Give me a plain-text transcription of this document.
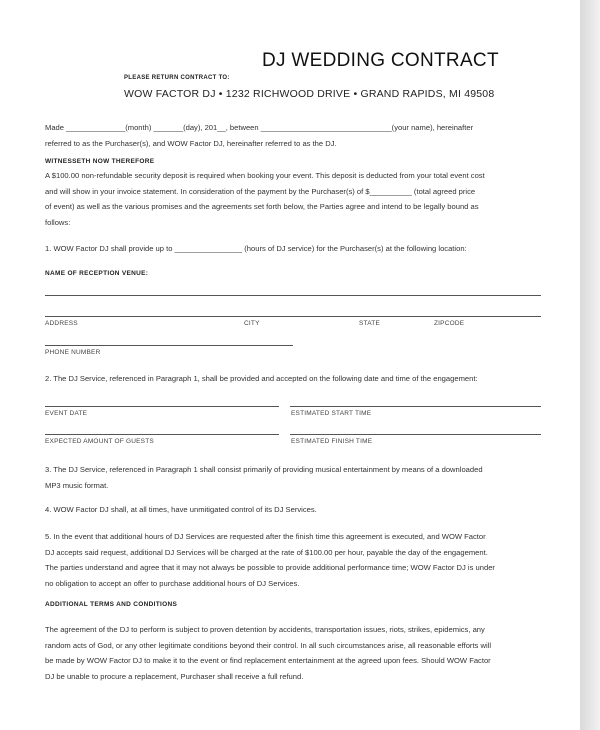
DJ WEDDING CONTRACT
PLEASE RETURN CONTRACT TO:
WOW FACTOR DJ • 1232 RICHWOOD DRIVE • GRAND RAPIDS, MI 49508
Made ______________(month) _______(day), 201__, between _______________________________(your name), hereinafter
referred to as the Purchaser(s), and WOW Factor DJ, hereinafter referred to as the DJ.
WITNESSETH NOW THEREFORE
A $100.00 non-refundable security deposit is required when booking your event. This deposit is deducted from your total event cost
and will show in your invoice statement. In consideration of the payment by the Purchaser(s) of $__________ (total agreed price
of event) as well as the various promises and the agreements set forth below, the Parties agree and intend to be legally bound as
follows:
1. WOW Factor DJ shall provide up to ________________ (hours of DJ service) for the Purchaser(s) at the following location:
NAME OF RECEPTION VENUE:
ADDRESS	CITY	STATE	ZIPCODE
PHONE NUMBER
2. The DJ Service, referenced in Paragraph 1, shall be provided and accepted on the following date and time of the engagement:
EVENT DATE	ESTIMATED START TIME
EXPECTED AMOUNT OF GUESTS	ESTIMATED FINISH TIME
3. The DJ Service, referenced in Paragraph 1 shall consist primarily of providing musical entertainment by means of a downloaded
MP3 music format.
4. WOW Factor DJ shall, at all times, have unmitigated control of its DJ Services.
5. In the event that additional hours of DJ Services are requested after the finish time this agreement is executed, and WOW Factor
DJ accepts said request, additional DJ Services will be charged at the rate of $100.00 per hour, payable the day of the engagement.
The parties understand and agree that it may not always be possible to provide additional performance time; WOW Factor DJ is under
no obligation to accept an offer to purchase additional hours of DJ Services.
ADDITIONAL TERMS AND CONDITIONS
The agreement of the DJ to perform is subject to proven detention by accidents, transportation issues, riots, strikes, epidemics, any
random acts of God, or any other legitimate conditions beyond their control. In all such circumstances arise, all reasonable efforts will
be made by WOW Factor DJ to make it to the event or find replacement entertainment at the agreed upon fees. Should WOW Factor
DJ be unable to procure a replacement, Purchaser shall receive a full refund.
